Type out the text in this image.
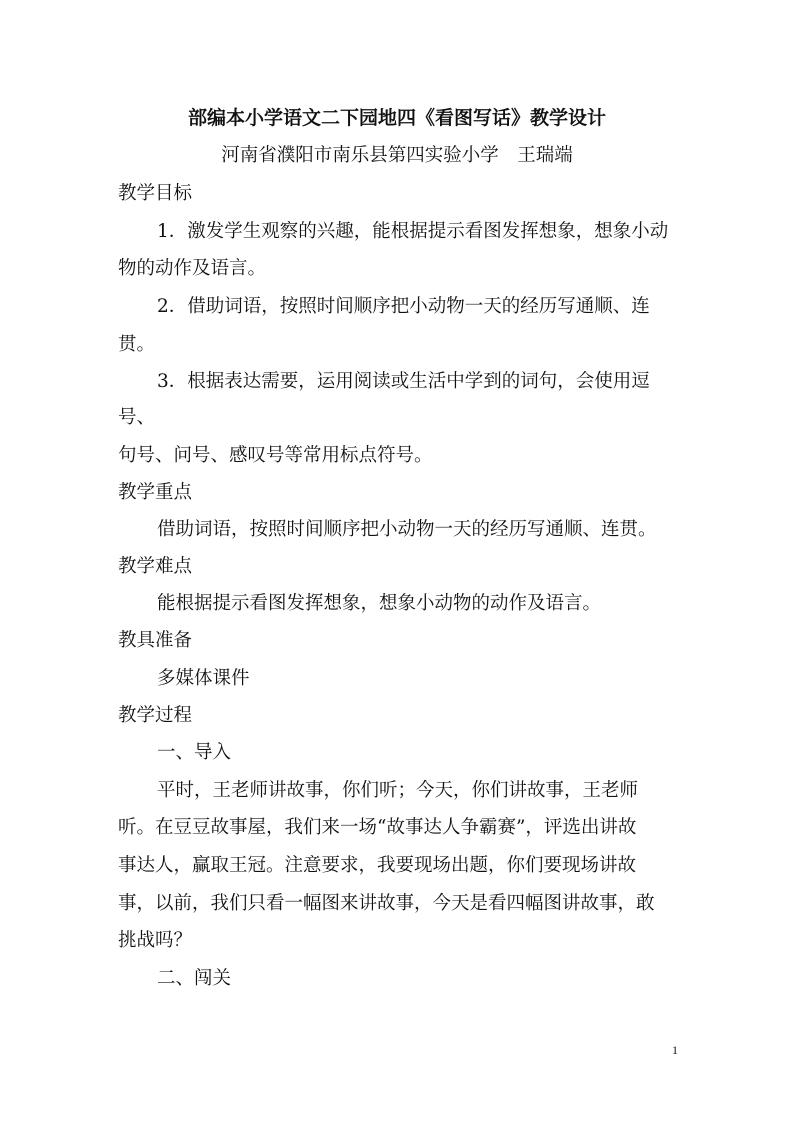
部编本小学语文二下园地四《看图写话》教学设计
河南省濮阳市南乐县第四实验小学　王瑞端
教学目标
1．激发学生观察的兴趣，能根据提示看图发挥想象，想象小动
物的动作及语言。
2．借助词语，按照时间顺序把小动物一天的经历写通顺、连
贯。
3．根据表达需要，运用阅读或生活中学到的词句，会使用逗
号、
句号、问号、感叹号等常用标点符号。
教学重点
借助词语，按照时间顺序把小动物一天的经历写通顺、连贯。
教学难点
能根据提示看图发挥想象，想象小动物的动作及语言。
教具准备
多媒体课件
教学过程
一、导入
平时，王老师讲故事，你们听；今天，你们讲故事，王老师
听。在豆豆故事屋，我们来一场“故事达人争霸赛”，评选出讲故
事达人，赢取王冠。注意要求，我要现场出题，你们要现场讲故
事，以前，我们只看一幅图来讲故事，今天是看四幅图讲故事，敢
挑战吗？
二、闯关
1
